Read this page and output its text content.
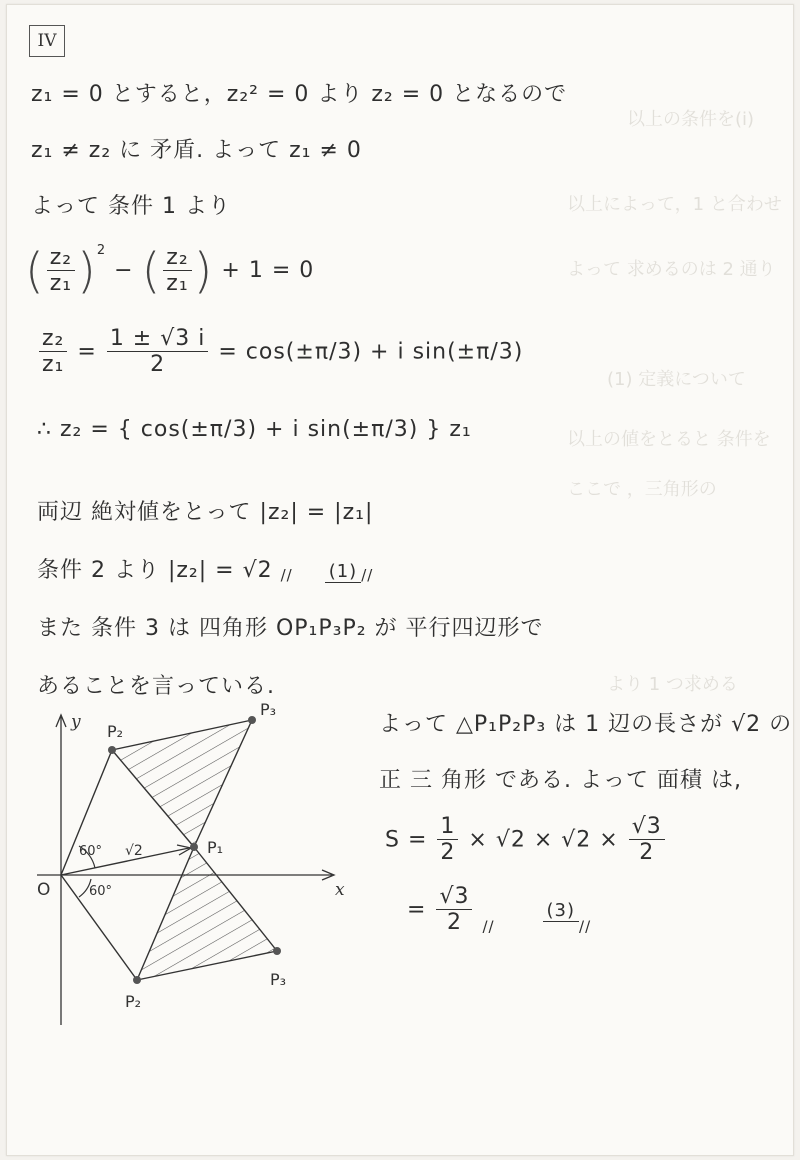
IV
以上の条件を(i)
以上によって，1 と合わせ
よって 求めるのは 2 通り
(1) 定義について
以上の値をとると 条件を
ここで ，三角形の
より 1 つ求める
z₁ = 0 とすると，z₂² = 0 より z₂ = 0 となるので
z₁ ≠ z₂ に 矛盾. よって z₁ ≠ 0
よって 条件 1 より
( $\frac{\text{z₂}}{\text{z₁}} )^2$ − ( $\frac{\text{z₂}}{\text{z₁}}$ ) + 1 = 0
$\frac{\text{z₂}}{\text{z₁}} = \frac{1 \pm √3 i}{2} = \cos(\pm\pi/3) + i$ sin(±π/3)
∴ z₂ = { cos(±π/3) + i sin(±π/3) } z₁
両辺 絶対値をとって |z₂| = |z₁|
条件 2 より |z₂| = √2 // (1) //
また 条件 3 は 四角形 OP₁P₃P₂ が 平行四辺形で
あることを言っている.
よって △P₁P₂P₃ は 1 辺の長さが √2 の
正 三 角形 である. よって 面積 は,
$S = \frac{1}{2} \times √2 \times √2 \times \frac{√3}{2}$
= $\frac{√3}{2}$ //      (3)//
y
x
O
P₂
P₃
P₁
P₂
P₃
60°
60°
√2
